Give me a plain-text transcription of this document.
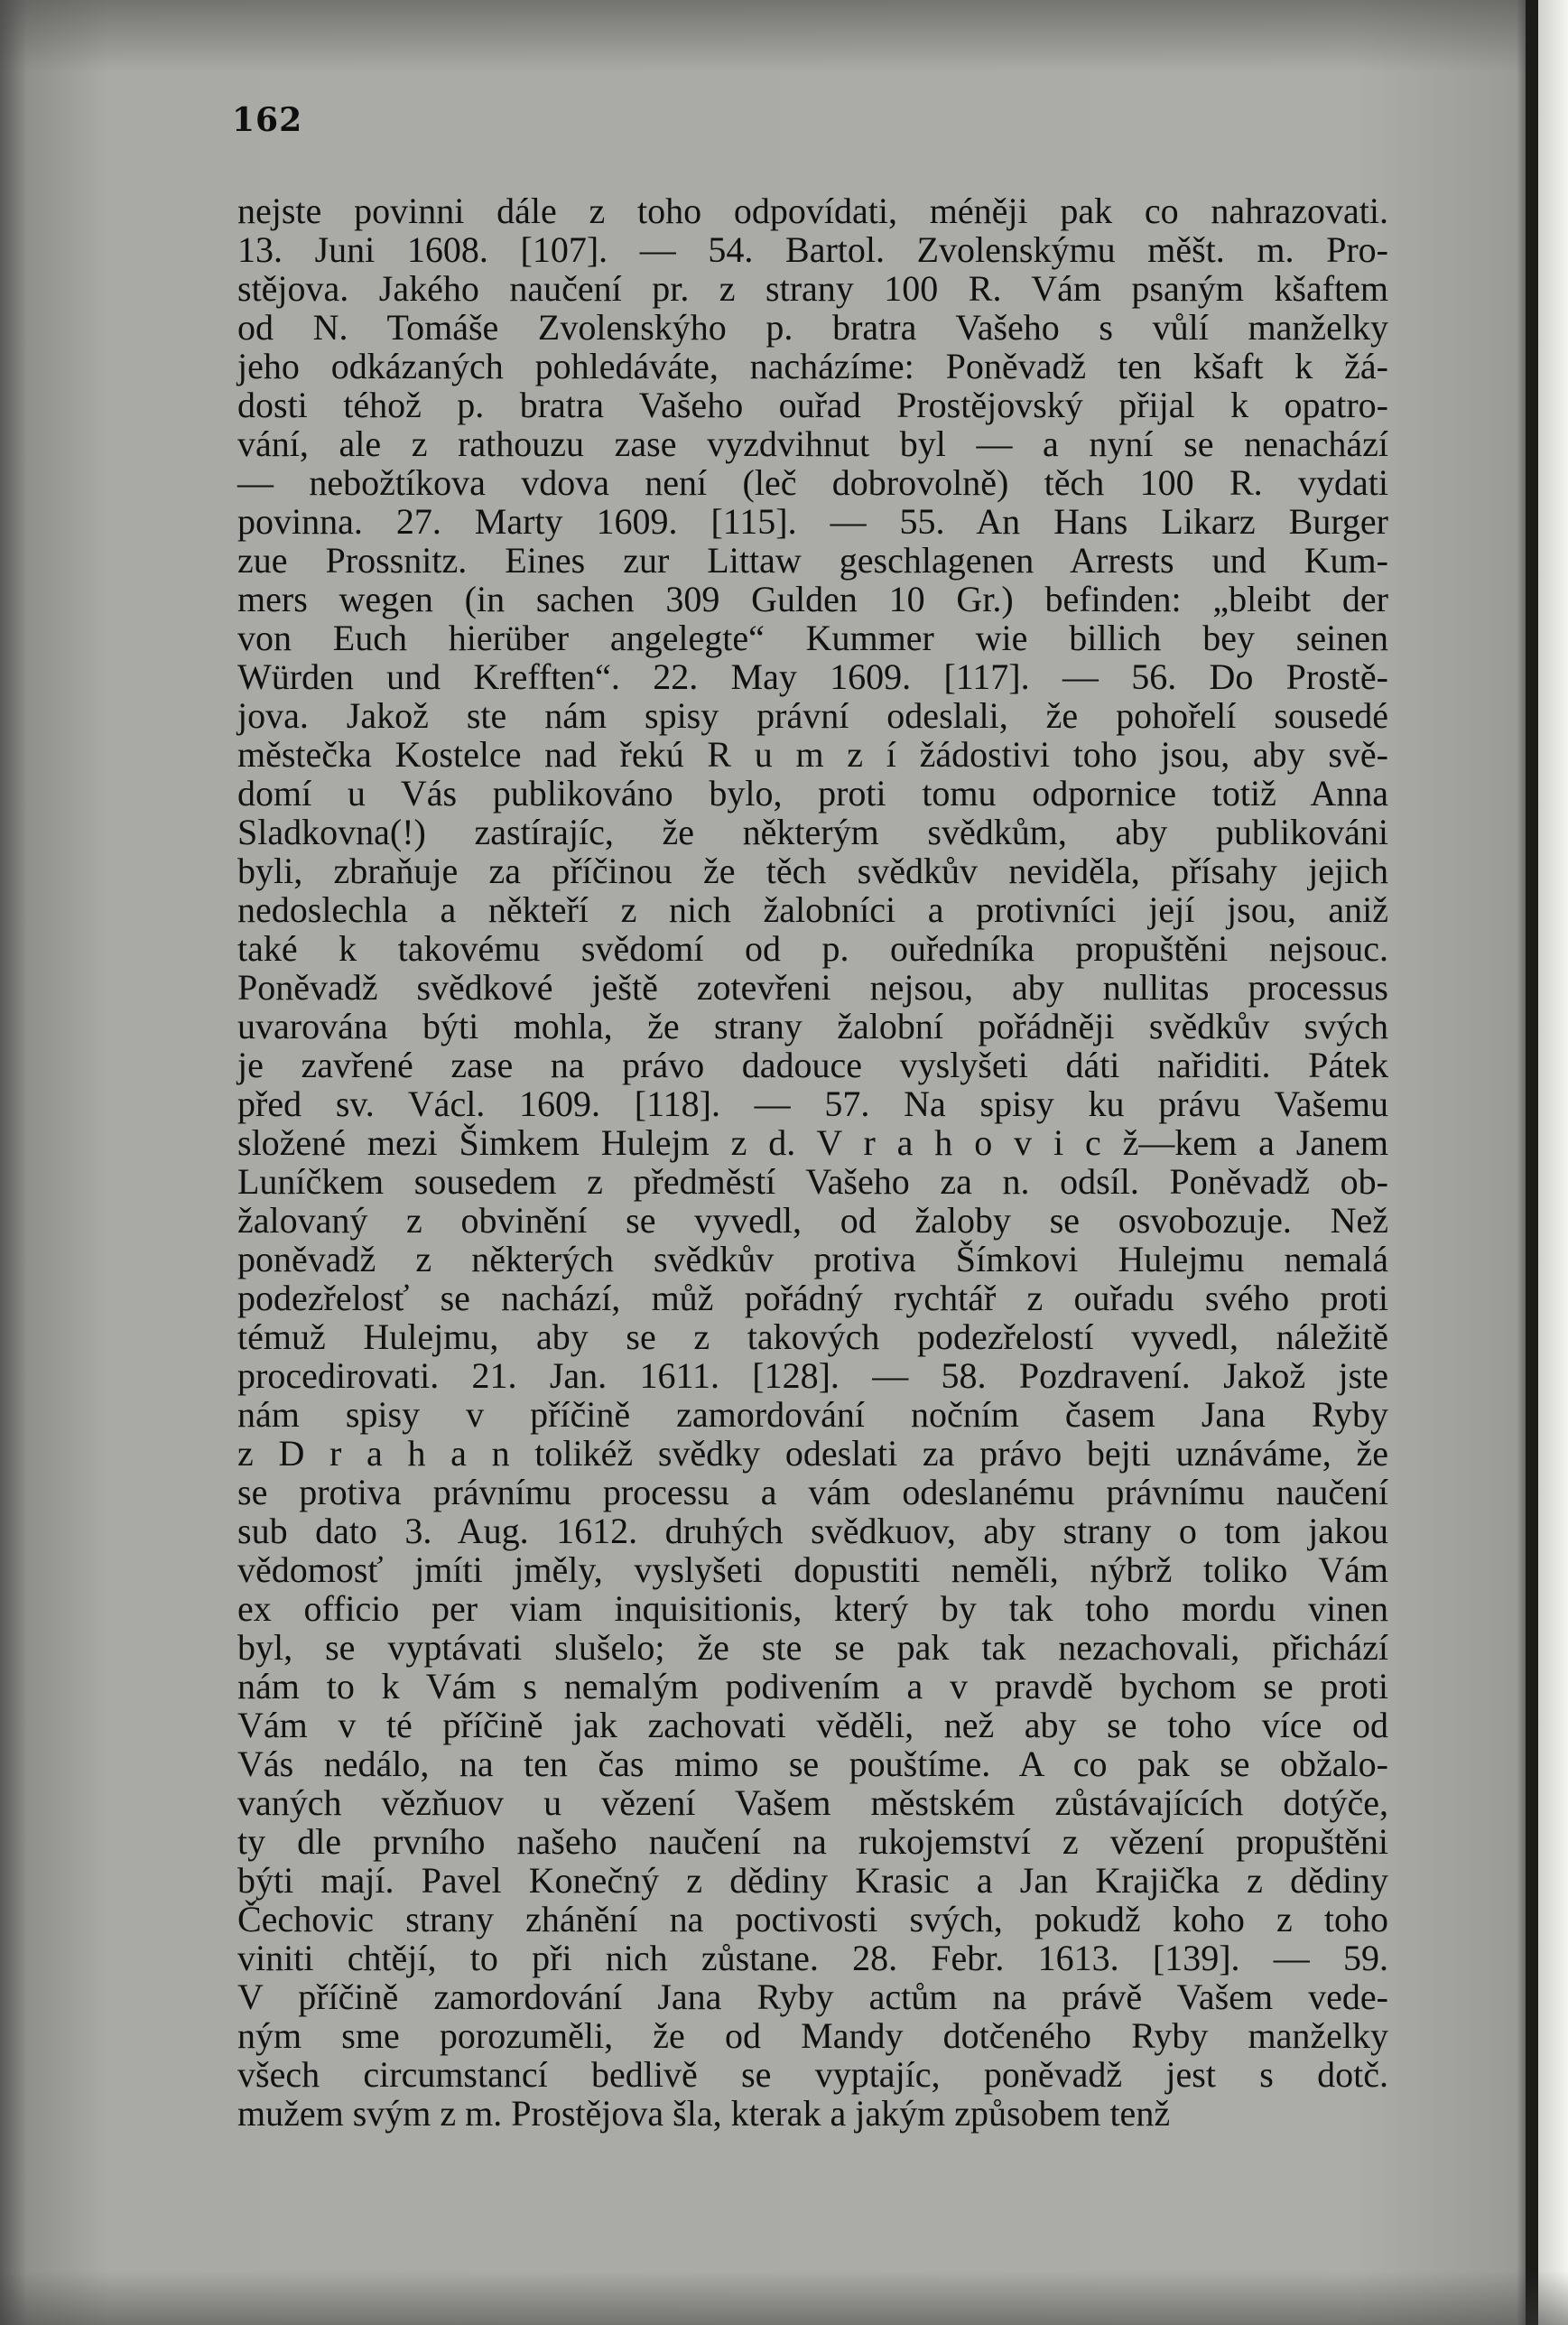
162
nejste povinni dále z toho odpovídati, méněji pak co nahrazovati.
13. Juni 1608. [107]. — 54. Bartol. Zvolenskýmu měšt. m. Pro-
stějova. Jakého naučení pr. z strany 100 R. Vám psaným kšaftem
od N. Tomáše Zvolenskýho p. bratra Vašeho s vůlí manželky
jeho odkázaných pohledáváte, nacházíme: Poněvadž ten kšaft k žá-
dosti téhož p. bratra Vašeho ouřad Prostějovský přijal k opatro-
vání, ale z rathouzu zase vyzdvihnut byl — a nyní se nenachází
— nebožtíkova vdova není (leč dobrovolně) těch 100 R. vydati
povinna. 27. Marty 1609. [115]. — 55. An Hans Likarz Burger
zue Prossnitz. Eines zur Littaw geschlagenen Arrests und Kum-
mers wegen (in sachen 309 Gulden 10 Gr.) befinden: „bleibt der
von Euch hierüber angelegte“ Kummer wie billich bey seinen
Würden und Krefften“. 22. May 1609. [117]. — 56. Do Prostě-
jova. Jakož ste nám spisy právní odeslali, že pohořelí sousedé
městečka Kostelce nad řekú R u m z í žádostivi toho jsou, aby svě-
domí u Vás publikováno bylo, proti tomu odpornice totiž Anna
Sladkovna(!) zastírajíc, že některým svědkům, aby publikováni
byli, zbraňuje za příčinou že těch svědkův neviděla, přísahy jejich
nedoslechla a někteří z nich žalobníci a protivníci její jsou, aniž
také k takovému svědomí od p. ouředníka propuštěni nejsouc.
Poněvadž svědkové ještě zotevřeni nejsou, aby nullitas processus
uvarována býti mohla, že strany žalobní pořádněji svědkův svých
je zavřené zase na právo dadouce vyslyšeti dáti nařiditi. Pátek
před sv. Václ. 1609. [118]. — 57. Na spisy ku právu Vašemu
složené mezi Šimkem Hulejm z d. V r a h o v i c ž—kem a Janem
Luníčkem sousedem z předměstí Vašeho za n. odsíl. Poněvadž ob-
žalovaný z obvinění se vyvedl, od žaloby se osvobozuje. Než
poněvadž z některých svědkův protiva Šímkovi Hulejmu nemalá
podezřelosť se nachází, můž pořádný rychtář z ouřadu svého proti
témuž Hulejmu, aby se z takových podezřelostí vyvedl, náležitě
procedirovati. 21. Jan. 1611. [128]. — 58. Pozdravení. Jakož jste
nám spisy v příčině zamordování nočním časem Jana Ryby
z D r a h a n tolikéž svědky odeslati za právo bejti uznáváme, že
se protiva právnímu processu a vám odeslanému právnímu naučení
sub dato 3. Aug. 1612. druhých svědkuov, aby strany o tom jakou
vědomosť jmíti jměly, vyslyšeti dopustiti neměli, nýbrž toliko Vám
ex officio per viam inquisitionis, který by tak toho mordu vinen
byl, se vyptávati slušelo; že ste se pak tak nezachovali, přichází
nám to k Vám s nemalým podivením a v pravdě bychom se proti
Vám v té příčině jak zachovati věděli, než aby se toho více od
Vás nedálo, na ten čas mimo se pouštíme. A co pak se obžalo-
vaných vězňuov u vězení Vašem městském zůstávajících dotýče,
ty dle prvního našeho naučení na rukojemství z vězení propuštěni
býti mají. Pavel Konečný z dědiny Krasic a Jan Krajička z dědiny
Čechovic strany zhánění na poctivosti svých, pokudž koho z toho
viniti chtějí, to při nich zůstane. 28. Febr. 1613. [139]. — 59.
V příčině zamordování Jana Ryby actům na právě Vašem vede-
ným sme porozuměli, že od Mandy dotčeného Ryby manželky
všech circumstancí bedlivě se vyptajíc, poněvadž jest s dotč.
mužem svým z m. Prostějova šla, kterak a jakým způsobem tenž
